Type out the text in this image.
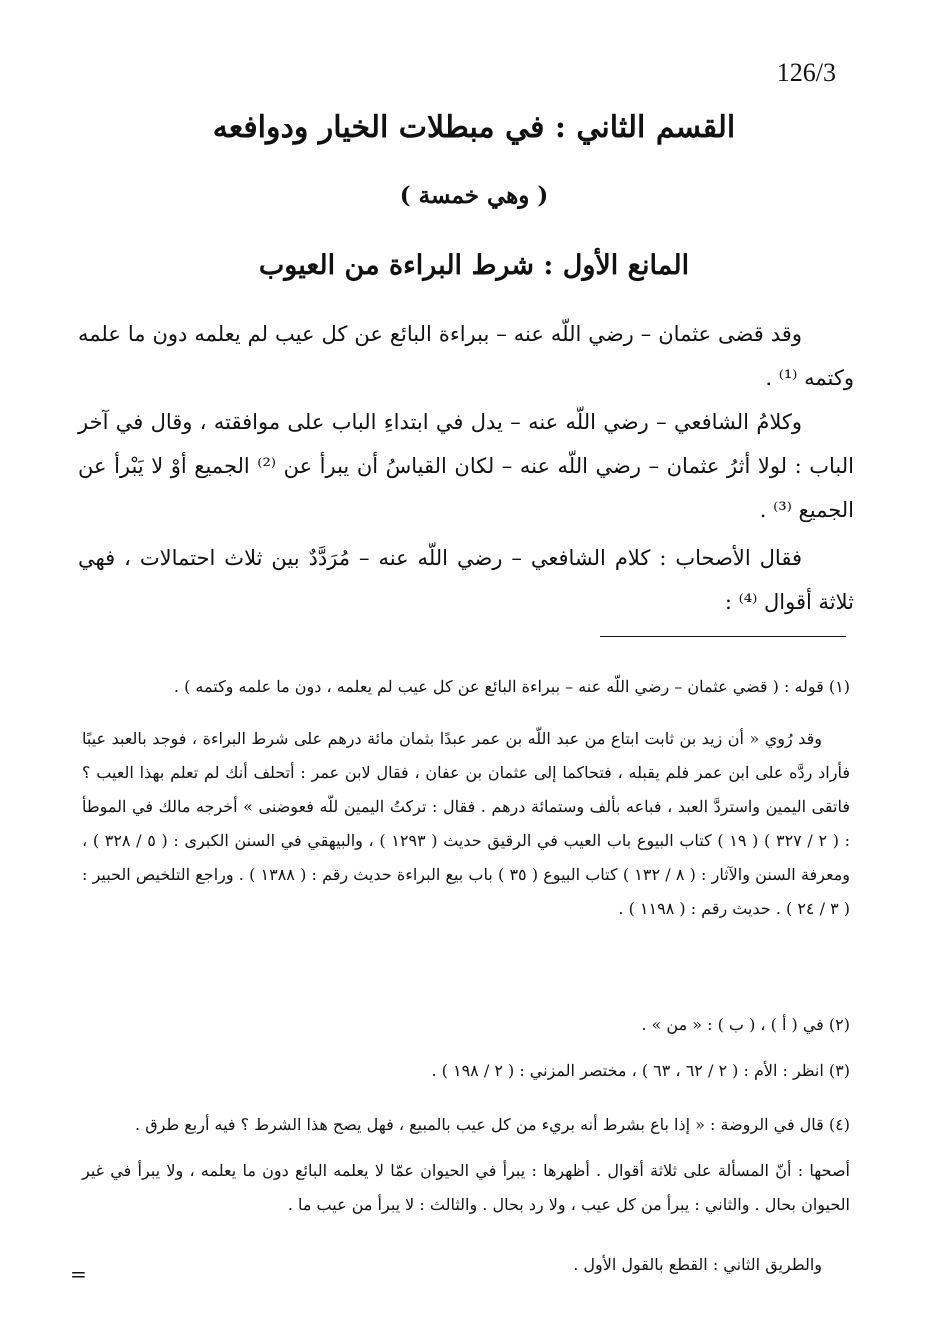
126/3
القسم الثاني : في مبطلات الخيار ودوافعه
( وهي خمسة )
المانع الأول : شرط البراءة من العيوب

وقد قضى عثمان – رضي اللّه عنه – ببراءة البائع عن كل عيب لم يعلمه دون ما علمه وكتمه ⁽¹⁾ .

وكلامُ الشافعي – رضي اللّه عنه – يدل في ابتداءِ الباب على موافقته ، وقال في آخر الباب : لولا أثرُ عثمان – رضي اللّه عنه – لكان القياسُ أن يبرأ عن ⁽²⁾ الجميع أوْ لا يَبْرأ عن الجميع ⁽³⁾ .

فقال الأصحاب : كلام الشافعي – رضي اللّه عنه – مُرَدَّدٌ بين ثلاث احتمالات ، فهي ثلاثة أقوال ⁽⁴⁾ :

(١) قوله : ( قضي عثمان – رضي اللّه عنه – ببراءة البائع عن كل عيب لم يعلمه ، دون ما علمه وكتمه ) .

وقد رُوي « أن زيد بن ثابت ابتاع من عبد اللّه بن عمر عبدًا بثمان مائة درهم على شرط البراءة ، فوجد بالعبد عيبًا فأراد ردَّه على ابن عمر فلم يقبله ، فتحاكما إلى عثمان بن عفان ، فقال لابن عمر : أتحلف أنك لم تعلم بهذا العيب ؟ فاتقى اليمين واستردَّ العبد ، فباعه بألف وستمائة درهم . فقال : تركتُ اليمين للّه فعوضنى » أخرجه مالك في الموطأ : ( ٢ / ٣٢٧ ) ( ١٩ ) كتاب البيوع باب العيب في الرقيق حديث ( ١٢٩٣ ) ، والبيهقي في السنن الكبرى : ( ٥ / ٣٢٨ ) ، ومعرفة السنن والآثار : ( ٨ / ١٣٢ ) كتاب البيوع ( ٣٥ ) باب بيع البراءة حديث رقم : ( ١٣٨٨ ) . وراجع التلخيص الحبير : ( ٣ / ٢٤ ) . حديث رقم : ( ١١٩٨ ) .

(٢) في ( أ ) ، ( ب ) : « من » .

(٣) انظر : الأم : ( ٢ / ٦٢ ، ٦٣ ) ، مختصر المزني : ( ٢ / ١٩٨ ) .

(٤) قال في الروضة : « إذا باع بشرط أنه بريء من كل عيب بالمبيع ، فهل يصح هذا الشرط ؟ فيه أربع طرق .

أصحها : أنّ المسألة على ثلاثة أقوال . أظهرها : يبرأ في الحيوان عمّا لا يعلمه البائع دون ما يعلمه ، ولا يبرأ في غير الحيوان بحال . والثاني : يبرأ من كل عيب ، ولا رد بحال . والثالث : لا يبرأ من عيب ما .

والطريق الثاني : القطع بالقول الأول .

=
